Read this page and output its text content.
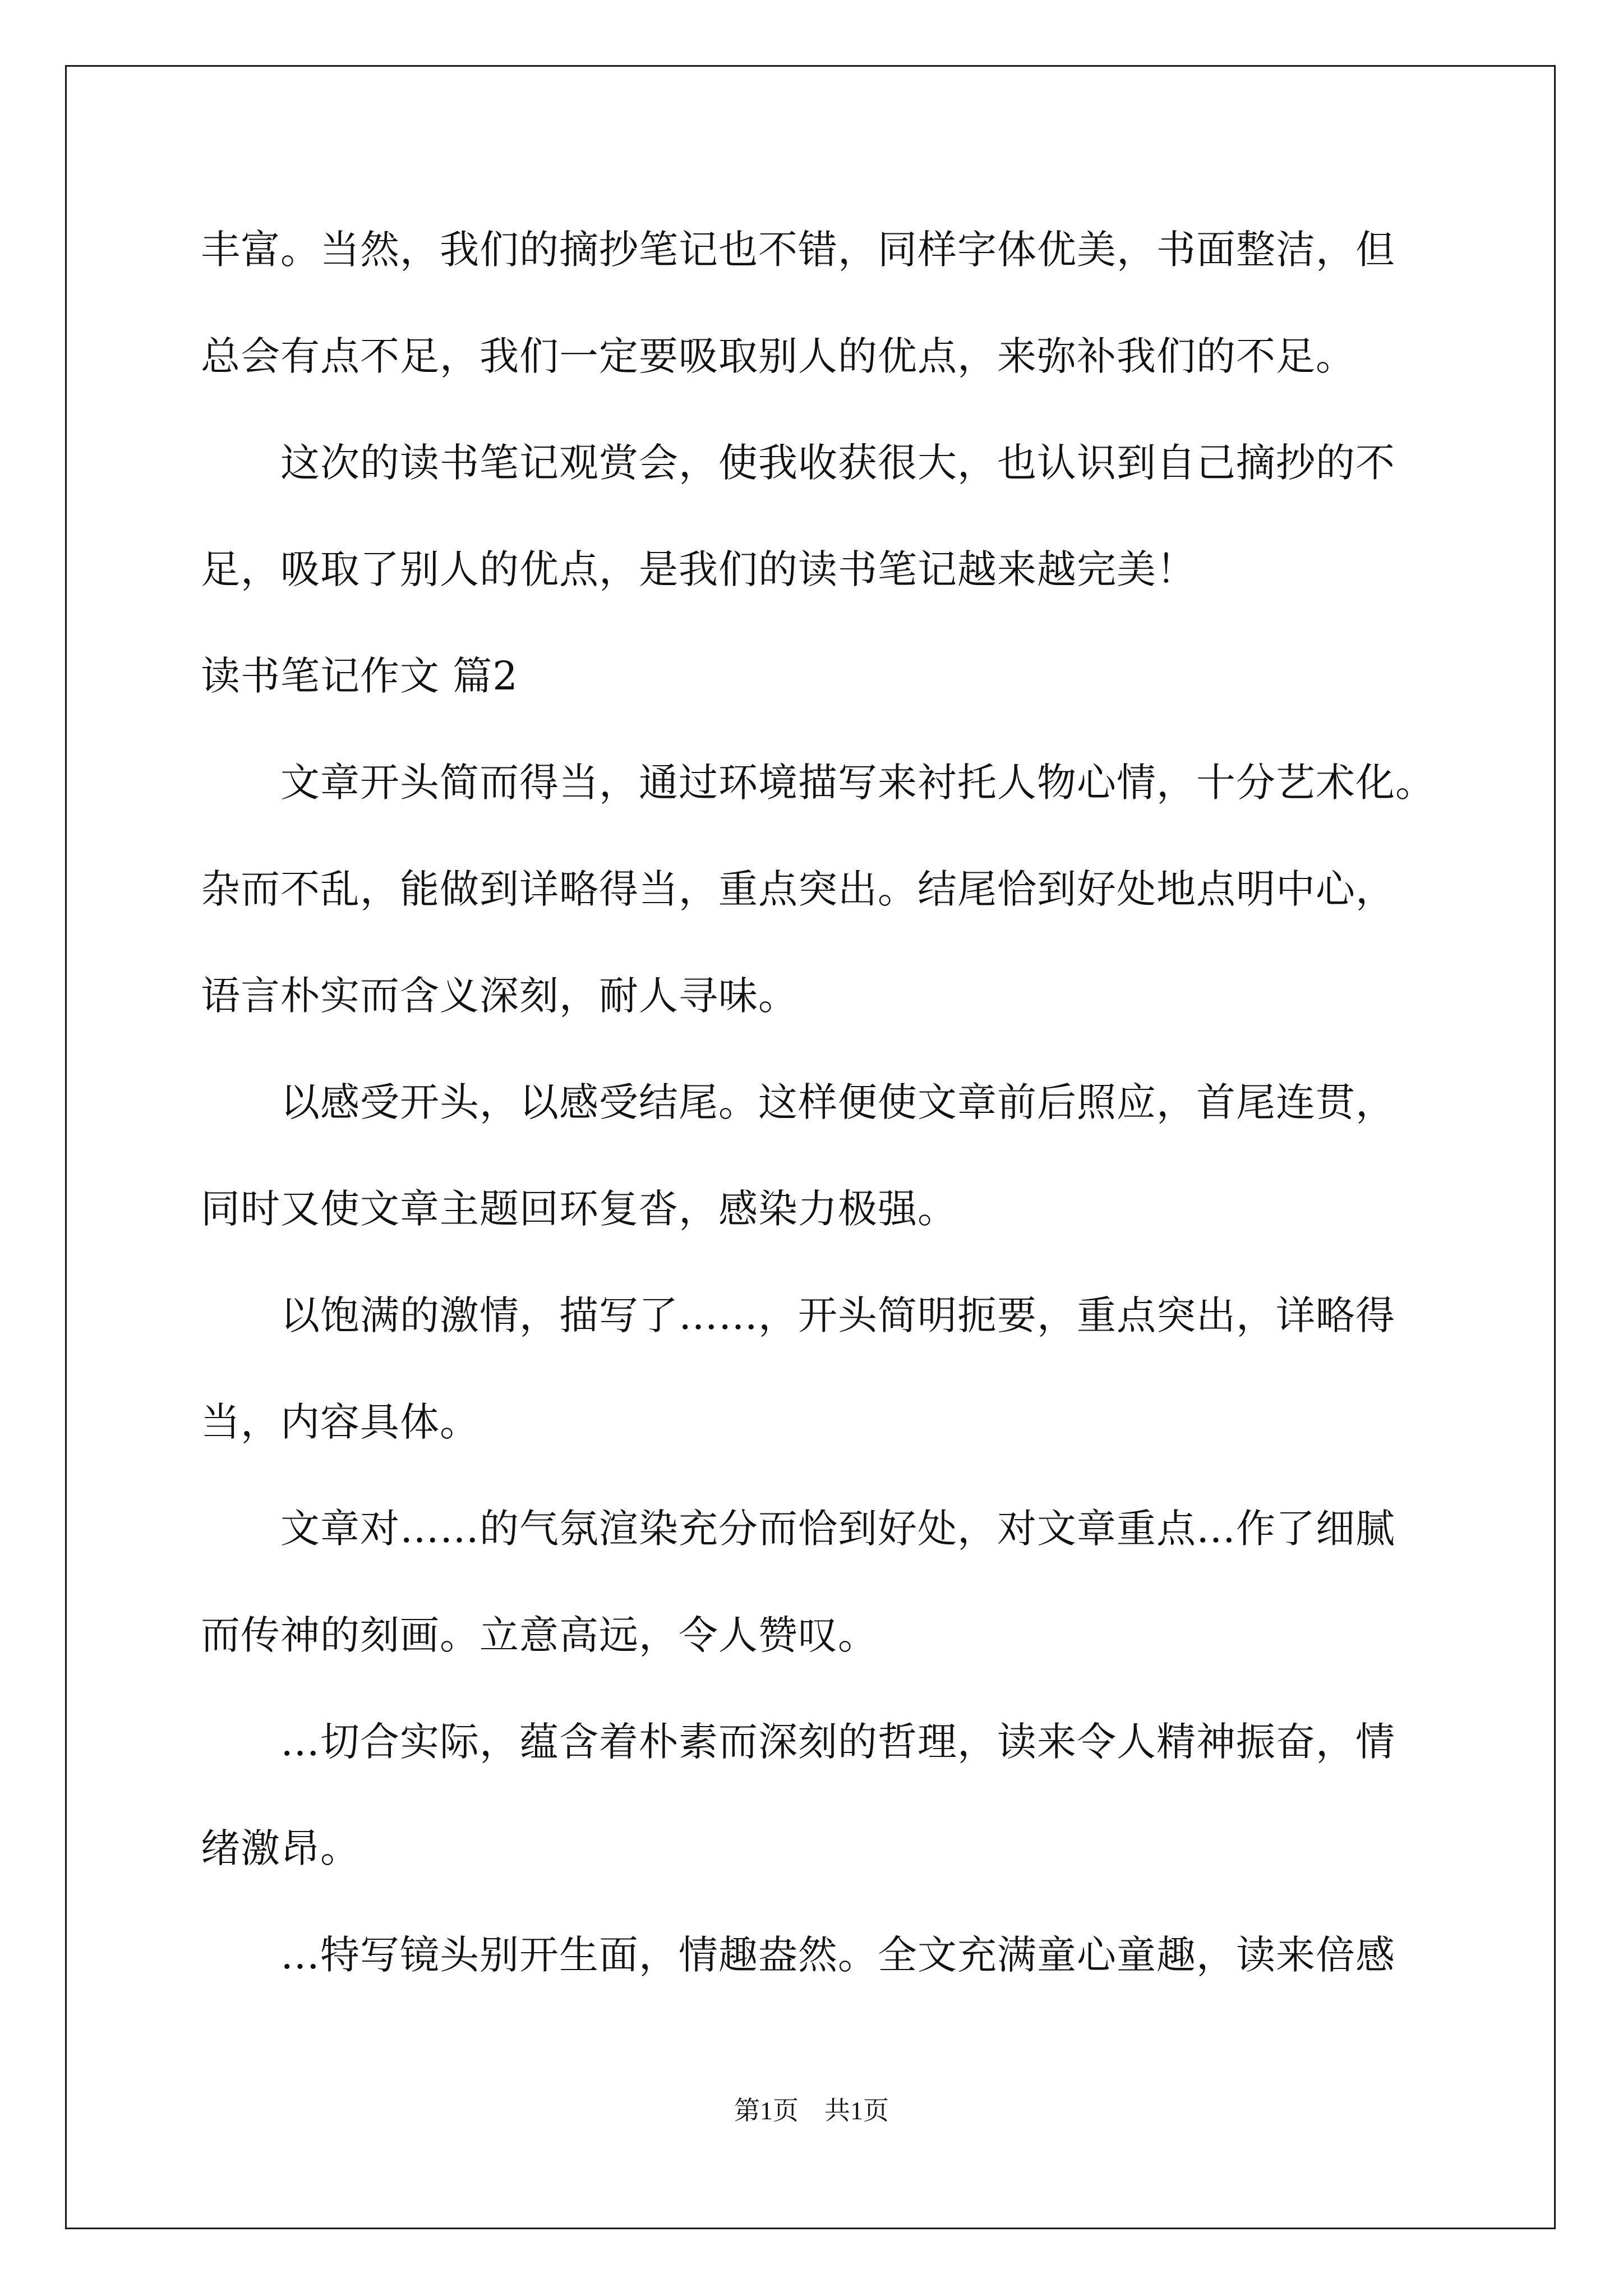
丰富。当然，我们的摘抄笔记也不错，同样字体优美，书面整洁，但
总会有点不足，我们一定要吸取别人的优点，来弥补我们的不足。
这次的读书笔记观赏会，使我收获很大，也认识到自己摘抄的不
足，吸取了别人的优点，是我们的读书笔记越来越完美！
读书笔记作文 篇2
文章开头简而得当，通过环境描写来衬托人物心情，十分艺术化。
杂而不乱，能做到详略得当，重点突出。结尾恰到好处地点明中心，
语言朴实而含义深刻，耐人寻味。
以感受开头，以感受结尾。这样便使文章前后照应，首尾连贯，
同时又使文章主题回环复沓，感染力极强。
以饱满的激情，描写了……，开头简明扼要，重点突出，详略得
当，内容具体。
文章对……的气氛渲染充分而恰到好处，对文章重点…作了细腻
而传神的刻画。立意高远，令人赞叹。
…切合实际，蕴含着朴素而深刻的哲理，读来令人精神振奋，情
绪激昂。
…特写镜头别开生面，情趣盎然。全文充满童心童趣，读来倍感
第1页　共1页
